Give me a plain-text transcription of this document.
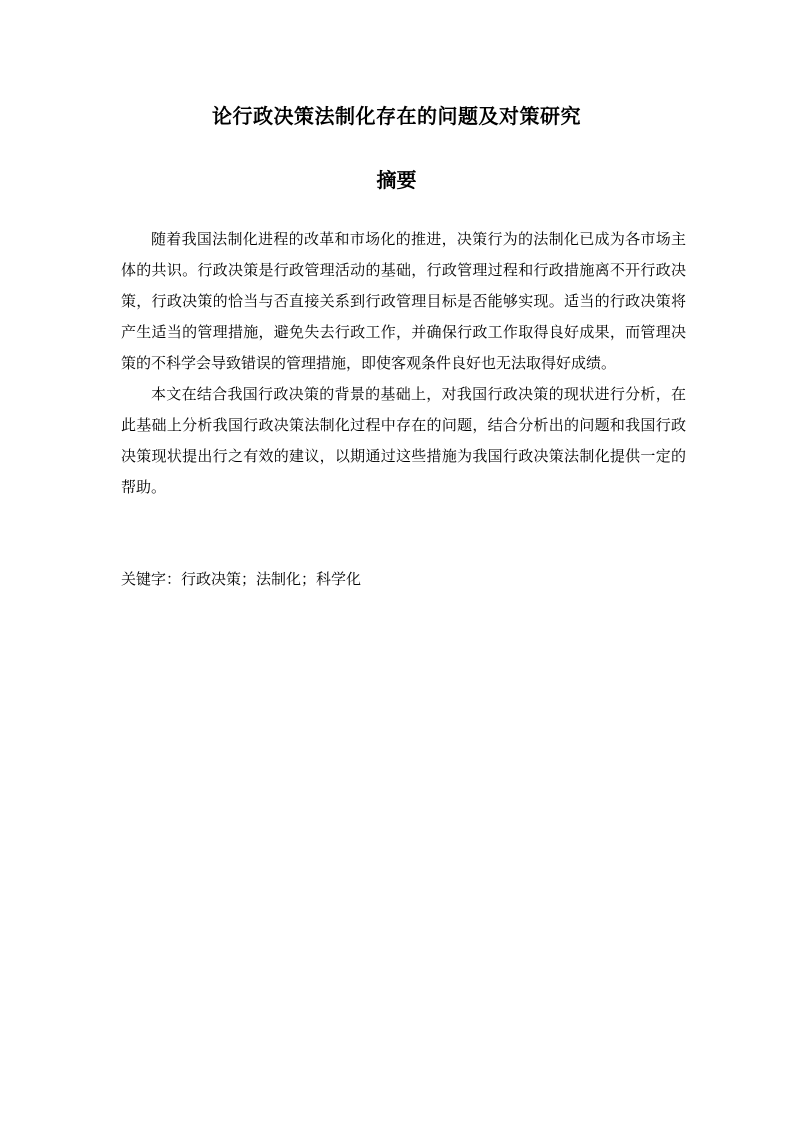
论行政决策法制化存在的问题及对策研究
摘要

随着我国法制化进程的改革和市场化的推进，决策行为的法制化已成为各市场主体的共识。行政决策是行政管理活动的基础，行政管理过程和行政措施离不开行政决策，行政决策的恰当与否直接关系到行政管理目标是否能够实现。适当的行政决策将产生适当的管理措施，避免失去行政工作，并确保行政工作取得良好成果，而管理决策的不科学会导致错误的管理措施，即使客观条件良好也无法取得好成绩。

本文在结合我国行政决策的背景的基础上，对我国行政决策的现状进行分析，在此基础上分析我国行政决策法制化过程中存在的问题，结合分析出的问题和我国行政决策现状提出行之有效的建议，以期通过这些措施为我国行政决策法制化提供一定的帮助。

关键字：行政决策；法制化；科学化
